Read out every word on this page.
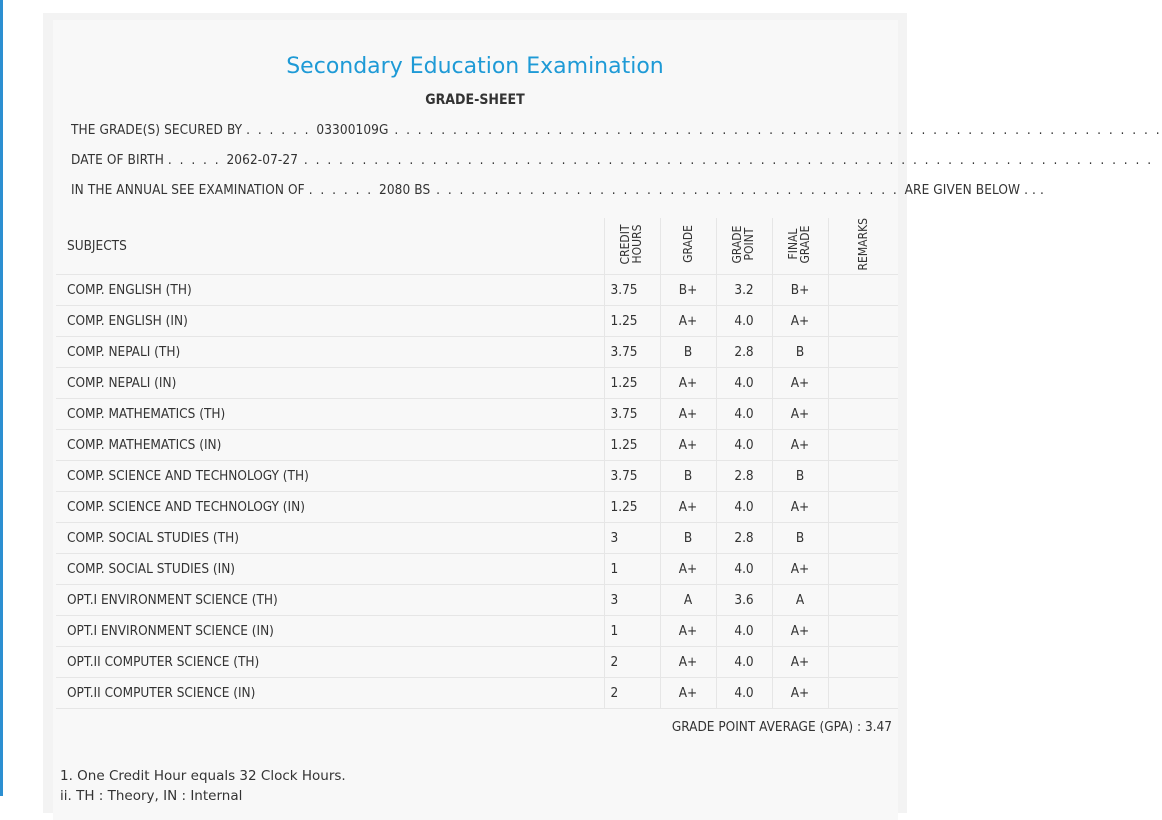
Secondary Education Examination
GRADE-SHEET
THE GRADE(S) SECURED BY . . . . . . 03300109G . . . . . . . . . . . . . . . . . . . . . . . . . . . . . . . . . . . . . . . . . . . . . . . . . . . . . . . . . . . . . . . . . .
DATE OF BIRTH . . . . . 2062-07-27 . . . . . . . . . . . . . . . . . . . . . . . . . . . . . . . . . . . . . . . . . . . . . . . . . . . . . . . . . . . . . . . . . . . . . . . . .
IN THE ANNUAL SEE EXAMINATION OF . . . . . . 2080 BS . . . . . . . . . . . . . . . . . . . . . . . . . . . . . . . . . . . . . . . . ARE GIVEN BELOW . . .
SUBJECTS	CREDIT HOURS	GRADE	GRADE POINT	FINAL GRADE	REMARKS
COMP. ENGLISH (TH)	3.75	B+	3.2	B+	
COMP. ENGLISH (IN)	1.25	A+	4.0	A+	
COMP. NEPALI (TH)	3.75	B	2.8	B	
COMP. NEPALI (IN)	1.25	A+	4.0	A+	
COMP. MATHEMATICS (TH)	3.75	A+	4.0	A+	
COMP. MATHEMATICS (IN)	1.25	A+	4.0	A+	
COMP. SCIENCE AND TECHNOLOGY (TH)	3.75	B	2.8	B	
COMP. SCIENCE AND TECHNOLOGY (IN)	1.25	A+	4.0	A+	
COMP. SOCIAL STUDIES (TH)	3	B	2.8	B	
COMP. SOCIAL STUDIES (IN)	1	A+	4.0	A+	
OPT.I ENVIRONMENT SCIENCE (TH)	3	A	3.6	A	
OPT.I ENVIRONMENT SCIENCE (IN)	1	A+	4.0	A+	
OPT.II COMPUTER SCIENCE (TH)	2	A+	4.0	A+	
OPT.II COMPUTER SCIENCE (IN)	2	A+	4.0	A+	
GRADE POINT AVERAGE (GPA) : 3.47
1. One Credit Hour equals 32 Clock Hours.
ii. TH : Theory, IN : Internal
